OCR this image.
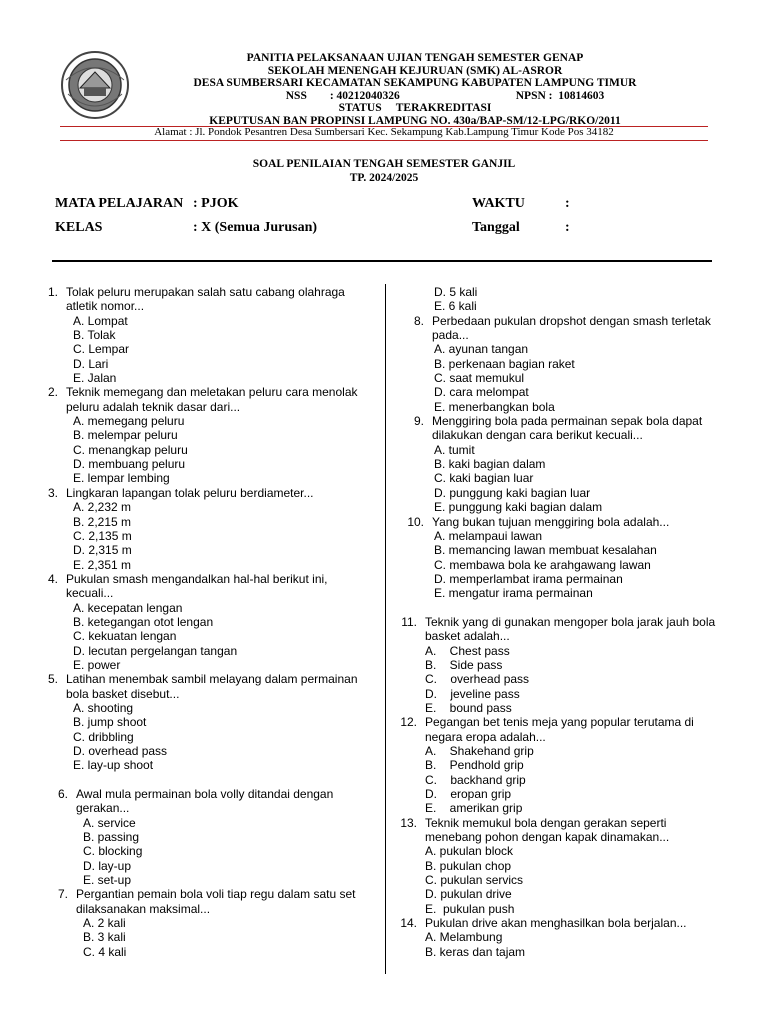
PANITIA PELAKSANAAN UJIAN TENGAH SEMESTER GENAP
SEKOLAH MENENGAH KEJURUAN (SMK) AL-ASROR
DESA SUMBERSARI KECAMATAN SEKAMPUNG KABUPATEN LAMPUNG TIMUR
NSS        : 40212040326	NPSN :  10814603
STATUS     TERAKREDITASI
KEPUTUSAN BAN PROPINSI LAMPUNG NO. 430a/BAP-SM/12-LPG/RKO/2011
Alamat : Jl. Pondok Pesantren Desa Sumbersari Kec. Sekampung Kab.Lampung Timur Kode Pos 34182
SOAL PENILAIAN TENGAH SEMESTER GANJIL
TP. 2024/2025
MATA PELAJARAN : PJOK	WAKTU	:
KELAS	: X (Semua Jurusan)	Tanggal	:
1. Tolak peluru merupakan salah satu cabang olahraga atletik nomor...
A. Lompat
B. Tolak
C. Lempar
D. Lari
E. Jalan
2. Teknik memegang dan meletakan peluru cara menolak peluru adalah teknik dasar dari...
A. memegang peluru
B. melempar peluru
C. menangkap peluru
D. membuang peluru
E. lempar lembing
3. Lingkaran lapangan tolak peluru berdiameter...
A. 2,232 m
B. 2,215 m
C. 2,135 m
D. 2,315 m
E. 2,351 m
4. Pukulan smash mengandalkan hal-hal berikut ini, kecuali...
A. kecepatan lengan
B. ketegangan otot lengan
C. kekuatan lengan
D. lecutan pergelangan tangan
E. power
5. Latihan menembak sambil melayang dalam permainan bola basket disebut...
A. shooting
B. jump shoot
C. dribbling
D. overhead pass
E. lay-up shoot
6. Awal mula permainan bola volly ditandai dengan gerakan...
A. service
B. passing
C. blocking
D. lay-up
E. set-up
7. Pergantian pemain bola voli tiap regu dalam satu set dilaksanakan maksimal...
A. 2 kali
B. 3 kali
C. 4 kali
D. 5 kali
E. 6 kali
8. Perbedaan pukulan dropshot dengan smash terletak pada...
A. ayunan tangan
B. perkenaan bagian raket
C. saat memukul
D. cara melompat
E. menerbangkan bola
9. Menggiring bola pada permainan sepak bola dapat dilakukan dengan cara berikut kecuali...
A. tumit
B. kaki bagian dalam
C. kaki bagian luar
D. punggung kaki bagian luar
E. punggung kaki bagian dalam
10. Yang bukan tujuan menggiring bola adalah...
A. melampaui lawan
B. memancing lawan membuat kesalahan
C. membawa bola ke arahgawang lawan
D. memperlambat irama permainan
E. mengatur irama permainan
11. Teknik yang di gunakan mengoper bola jarak jauh bola basket adalah...
A.    Chest pass
B.    Side pass
C.    overhead pass
D.    jeveline pass
E.    bound pass
12. Pegangan bet tenis meja yang popular terutama di negara eropa adalah...
A.    Shakehand grip
B.    Pendhold grip
C.    backhand grip
D.    eropan grip
E.    amerikan grip
13. Teknik memukul bola dengan gerakan seperti menebang pohon dengan kapak dinamakan...
A. pukulan block
B. pukulan chop
C. pukulan servics
D. pukulan drive
E.  pukulan push
14. Pukulan drive akan menghasilkan bola berjalan...
A. Melambung
B. keras dan tajam
